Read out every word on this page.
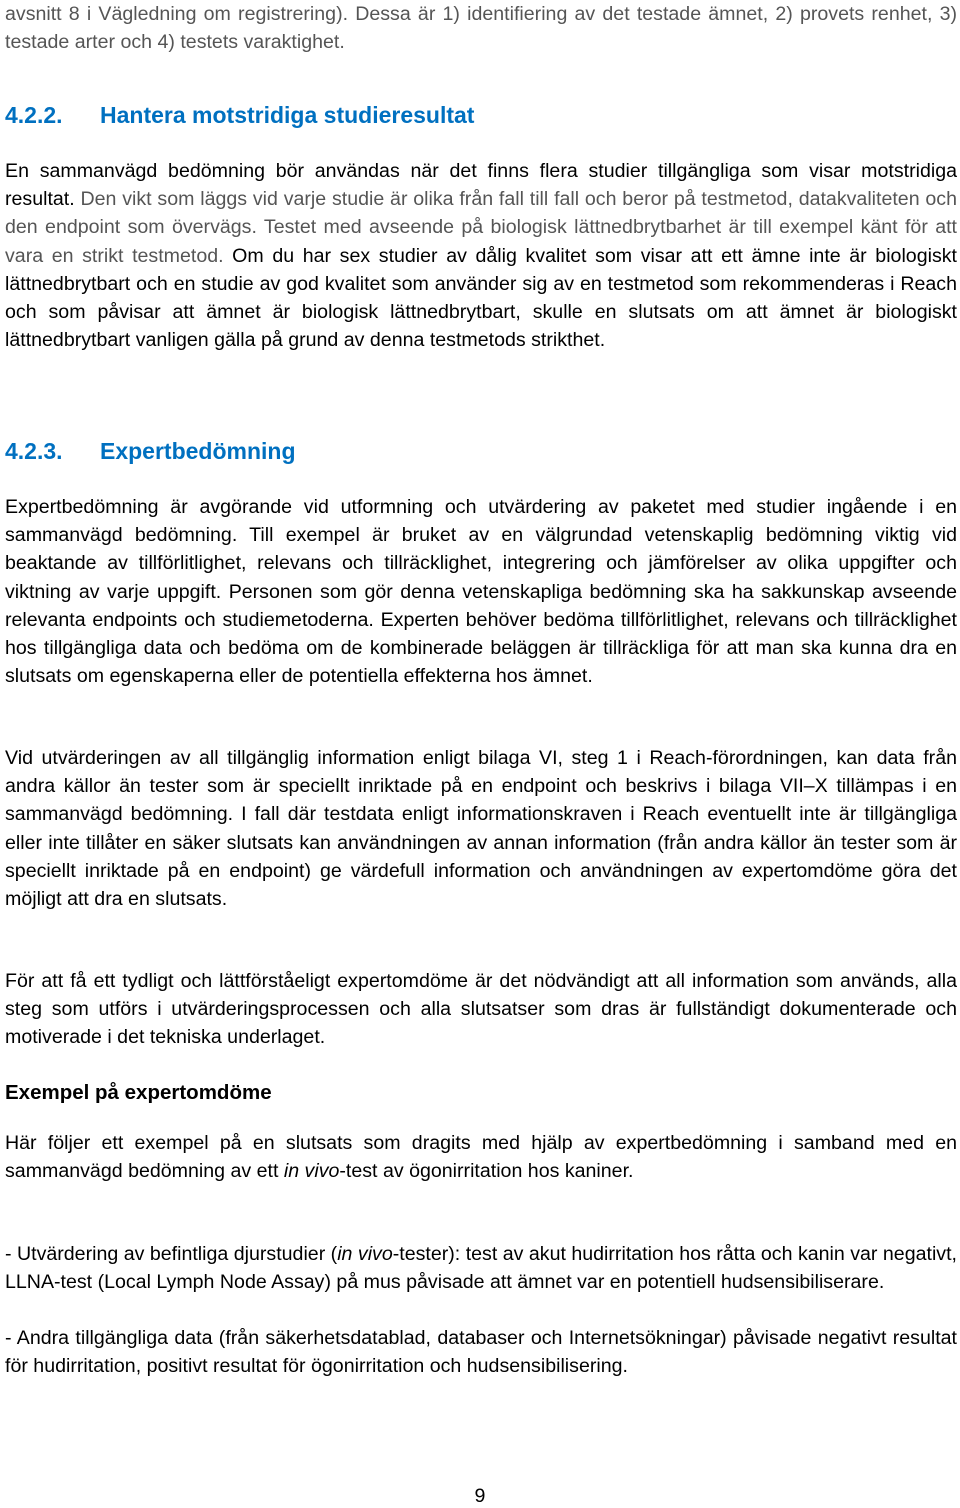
avsnitt 8 i Vägledning om registrering). Dessa är 1) identifiering av det testade ämnet, 2) provets renhet, 3) testade arter och 4) testets varaktighet.

4.2.2. Hantera motstridiga studieresultat

En sammanvägd bedömning bör användas när det finns flera studier tillgängliga som visar motstridiga resultat. Den vikt som läggs vid varje studie är olika från fall till fall och beror på testmetod, datakvaliteten och den endpoint som övervägs. Testet med avseende på biologisk lättnedbrytbarhet är till exempel känt för att vara en strikt testmetod. Om du har sex studier av dålig kvalitet som visar att ett ämne inte är biologiskt lättnedbrytbart och en studie av god kvalitet som använder sig av en testmetod som rekommenderas i Reach och som påvisar att ämnet är biologisk lättnedbrytbart, skulle en slutsats om att ämnet är biologiskt lättnedbrytbart vanligen gälla på grund av denna testmetods strikthet.

4.2.3. Expertbedömning

Expertbedömning är avgörande vid utformning och utvärdering av paketet med studier ingående i en sammanvägd bedömning. Till exempel är bruket av en välgrundad vetenskaplig bedömning viktig vid beaktande av tillförlitlighet, relevans och tillräcklighet, integrering och jämförelser av olika uppgifter och viktning av varje uppgift. Personen som gör denna vetenskapliga bedömning ska ha sakkunskap avseende relevanta endpoints och studiemetoderna. Experten behöver bedöma tillförlitlighet, relevans och tillräcklighet hos tillgängliga data och bedöma om de kombinerade beläggen är tillräckliga för att man ska kunna dra en slutsats om egenskaperna eller de potentiella effekterna hos ämnet.

Vid utvärderingen av all tillgänglig information enligt bilaga VI, steg 1 i Reach-förordningen, kan data från andra källor än tester som är speciellt inriktade på en endpoint och beskrivs i bilaga VII–X tillämpas i en sammanvägd bedömning. I fall där testdata enligt informationskraven i Reach eventuellt inte är tillgängliga eller inte tillåter en säker slutsats kan användningen av annan information (från andra källor än tester som är speciellt inriktade på en endpoint) ge värdefull information och användningen av expertomdöme göra det möjligt att dra en slutsats.

För att få ett tydligt och lättförståeligt expertomdöme är det nödvändigt att all information som används, alla steg som utförs i utvärderingsprocessen och alla slutsatser som dras är fullständigt dokumenterade och motiverade i det tekniska underlaget.

Exempel på expertomdöme

Här följer ett exempel på en slutsats som dragits med hjälp av expertbedömning i samband med en sammanvägd bedömning av ett in vivo-test av ögonirritation hos kaniner.

- Utvärdering av befintliga djurstudier (in vivo-tester): test av akut hudirritation hos råtta och kanin var negativt, LLNA-test (Local Lymph Node Assay) på mus påvisade att ämnet var en potentiell hudsensibiliserare.

- Andra tillgängliga data (från säkerhetsdatablad, databaser och Internetsökningar) påvisade negativt resultat för hudirritation, positivt resultat för ögonirritation och hudsensibilisering.

9
